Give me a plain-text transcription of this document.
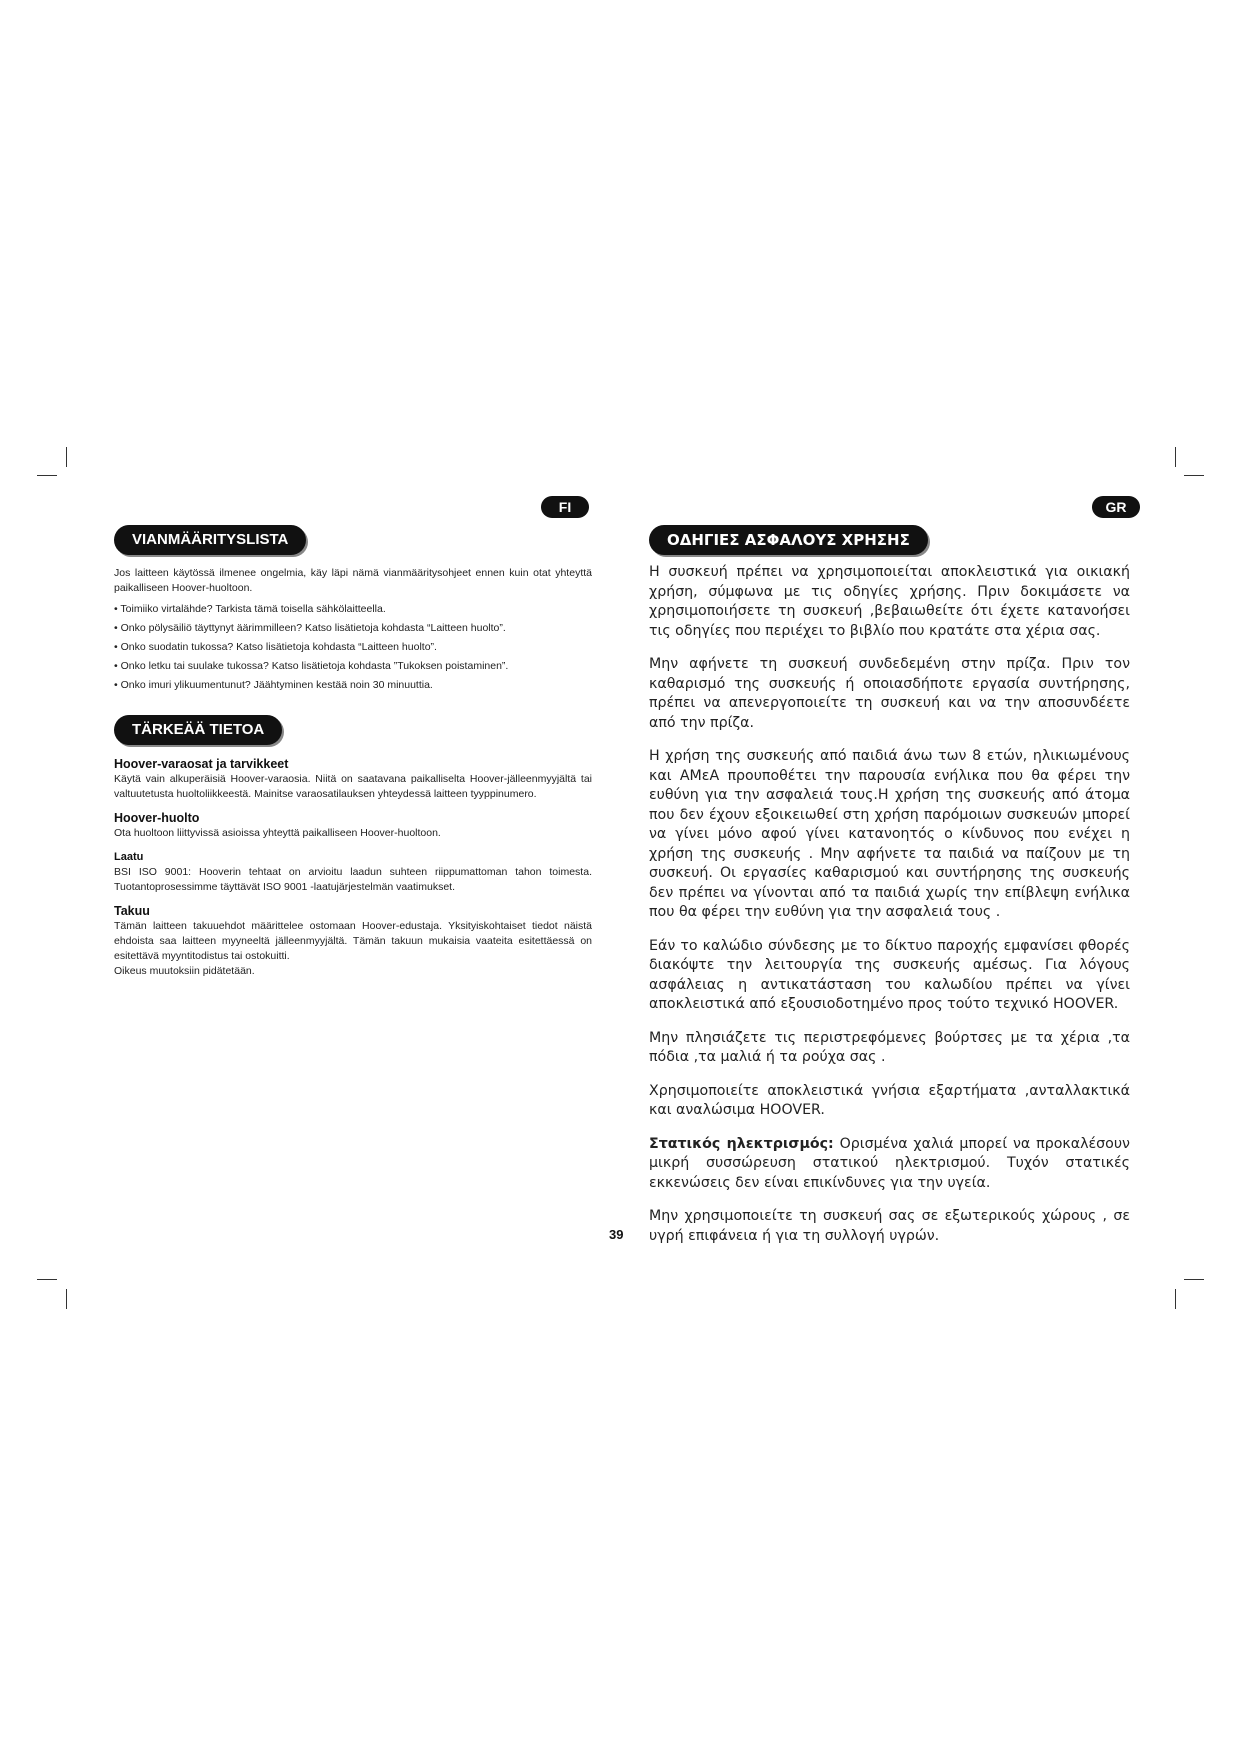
FI	GR
VIANMÄÄRITYSLISTA

Jos laitteen käytössä ilmenee ongelmia, käy läpi nämä vianmääritysohjeet ennen kuin otat yhteyttä paikalliseen Hoover-huoltoon.

• Toimiiko virtalähde? Tarkista tämä toisella sähkölaitteella.

• Onko pölysäiliö täyttynyt äärimmilleen? Katso lisätietoja kohdasta “Laitteen huolto”.

• Onko suodatin tukossa? Katso lisätietoja kohdasta “Laitteen huolto”.

• Onko letku tai suulake tukossa? Katso lisätietoja kohdasta ”Tukoksen poistaminen”.

• Onko imuri ylikuumentunut? Jäähtyminen kestää noin 30 minuuttia.

TÄRKEÄÄ TIETOA

Hoover-varaosat ja tarvikkeet

Käytä vain alkuperäisiä Hoover-varaosia. Niitä on saatavana paikalliselta Hoover-jälleenmyyjältä tai valtuutetusta huoltoliikkeestä. Mainitse varaosatilauksen yhteydessä laitteen tyyppinumero.

Hoover-huolto

Ota huoltoon liittyvissä asioissa yhteyttä paikalliseen Hoover-huoltoon.

Laatu

BSI ISO 9001: Hooverin tehtaat on arvioitu laadun suhteen riippumattoman tahon toimesta. Tuotantoprosessimme täyttävät ISO 9001 -laatujärjestelmän vaatimukset.

Takuu

Tämän laitteen takuuehdot määrittelee ostomaan Hoover-edustaja. Yksityiskohtaiset tiedot näistä ehdoista saa laitteen myyneeltä jälleenmyyjältä. Tämän takuun mukaisia vaateita esitettäessä on esitettävä myyntitodistus tai ostokuitti.

Oikeus muutoksiin pidätetään.

ΟΔΗΓΙΕΣ ΑΣΦΑΛΟΥΣ ΧΡΗΣΗΣ

Η συσκευή πρέπει να χρησιμοποιείται αποκλειστικά για οικιακή χρήση, σύμφωνα με τις οδηγίες χρήσης. Πριν δοκιμάσετε να χρησιμοποιήσετε τη συσκευή ,βεβαιωθείτε ότι έχετε κατανοήσει τις οδηγίες που περιέχει το βιβλίο που κρατάτε στα χέρια σας.

Μην αφήνετε τη συσκευή συνδεδεμένη στην πρίζα. Πριν τον καθαρισμό της συσκευής ή οποιασδήποτε εργασία συντήρησης, πρέπει να απενεργοποιείτε τη συσκευή και να την αποσυνδέετε από την πρίζα.

Η χρήση της συσκευής από παιδιά άνω των 8 ετών, ηλικιωμένους και ΑΜεΑ προυποθέτει την παρουσία ενήλικα που θα φέρει την ευθύνη για την ασφαλειά τους.Η χρήση της συσκευής από άτομα που δεν έχουν εξοικειωθεί στη χρήση παρόμοιων συσκευών μπορεί να γίνει μόνο αφού γίνει κατανοητός ο κίνδυνος που ενέχει η χρήση της συσκευής . Μην αφήνετε τα παιδιά να παίζουν με τη συσκευή. Οι εργασίες καθαρισμού και συντήρησης της συσκευής δεν πρέπει να γίνονται από τα παιδιά χωρίς την επίβλεψη ενήλικα που θα φέρει την ευθύνη για την ασφαλειά τους .

Εάν το καλώδιο σύνδεσης με το δίκτυο παροχής εμφανίσει φθορές διακόψτε την λειτουργία της συσκευής αμέσως. Για λόγους ασφάλειας η αντικατάσταση του καλωδίου πρέπει να γίνει αποκλειστικά από εξουσιοδοτημένο προς τούτο τεχνικό HOOVER.

Μην πλησιάζετε τις περιστρεφόμενες βούρτσες με τα χέρια ,τα πόδια ,τα μαλιά ή τα ρούχα σας .

Χρησιμοποιείτε αποκλειστικά γνήσια εξαρτήματα ,ανταλλακτικά και αναλώσιμα HOOVER.

Στατικός ηλεκτρισμός: Ορισμένα χαλιά μπορεί να προκαλέσουν μικρή συσσώρευση στατικού ηλεκτρισμού. Τυχόν στατικές εκκενώσεις δεν είναι επικίνδυνες για την υγεία.

Μην χρησιμοποιείτε τη συσκευή σας σε εξωτερικούς χώρους , σε υγρή επιφάνεια ή για τη συλλογή υγρών.

39
